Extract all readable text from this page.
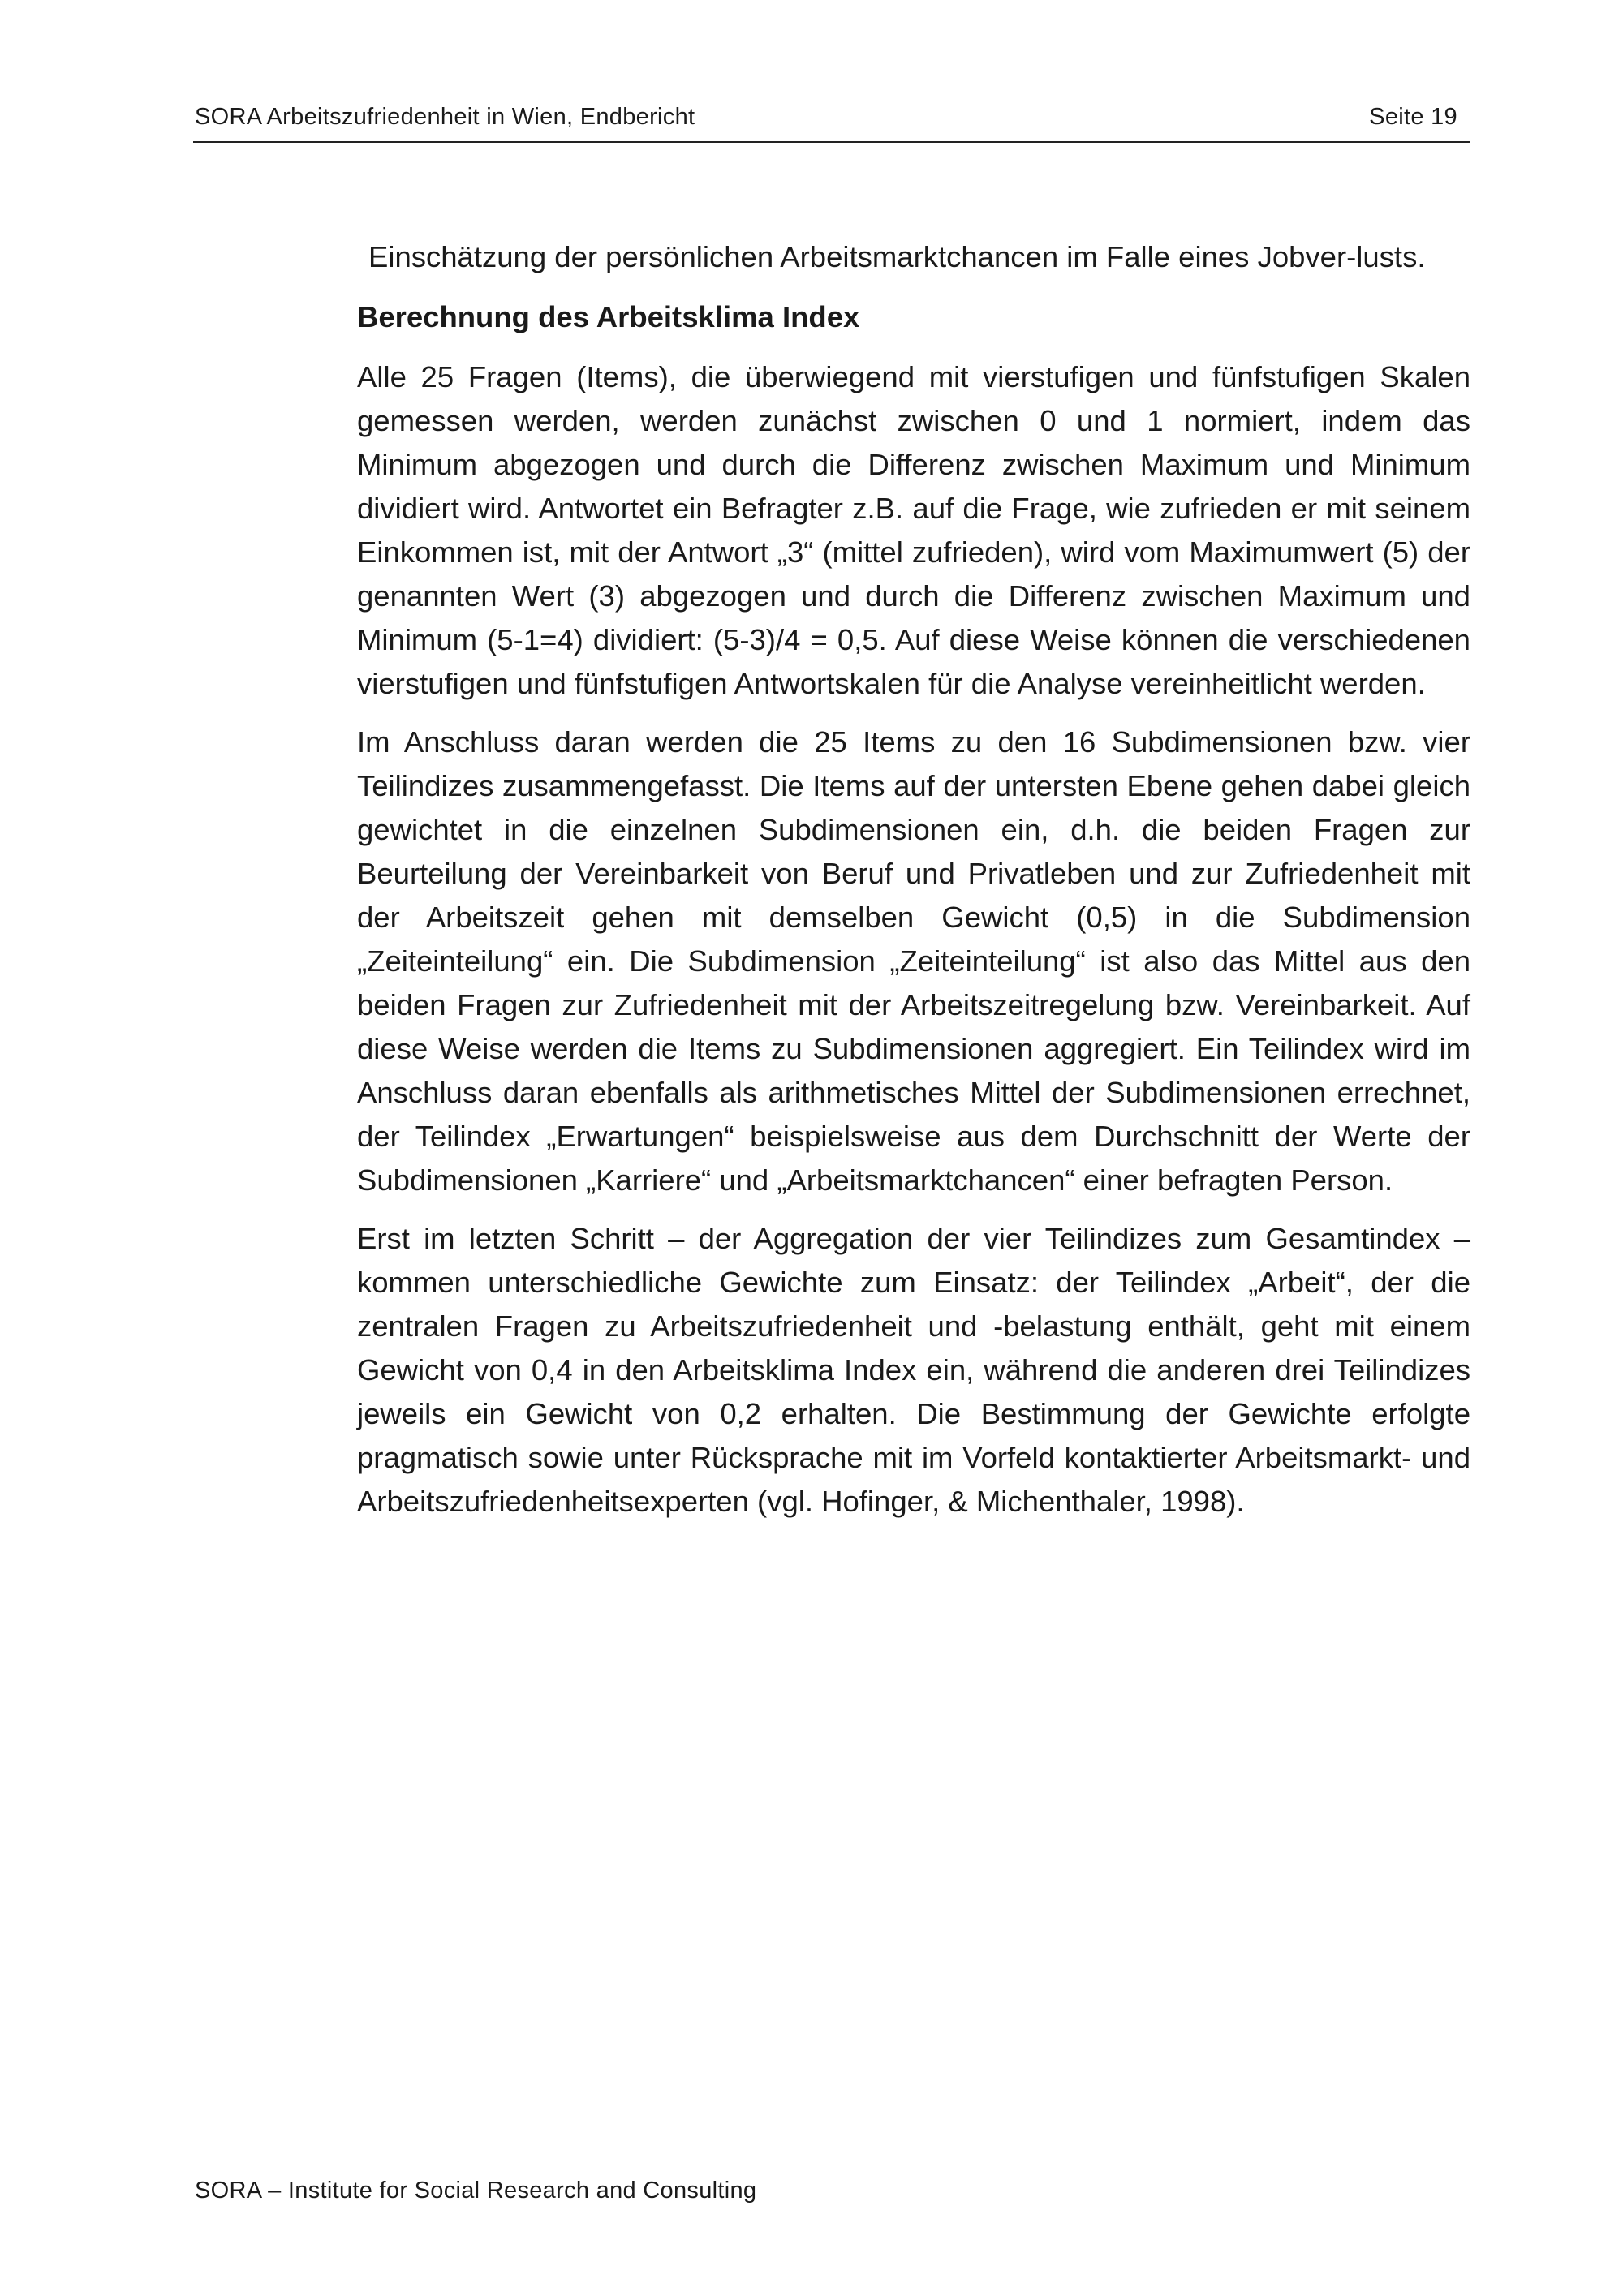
SORA Arbeitszufriedenheit in Wien, Endbericht	Seite 19

Einschätzung der persönlichen Arbeitsmarktchancen im Falle eines Jobver-lusts.

Berechnung des Arbeitsklima Index

Alle 25 Fragen (Items), die überwiegend mit vierstufigen und fünfstufigen Skalen gemessen werden, werden zunächst zwischen 0 und 1 normiert, indem das Minimum abgezogen und durch die Differenz zwischen Maximum und Minimum dividiert wird. Antwortet ein Befragter z.B. auf die Frage, wie zufrieden er mit seinem Einkommen ist, mit der Antwort „3“ (mittel zufrieden), wird vom Maximumwert (5) der genannten Wert (3) abgezogen und durch die Differenz zwischen Maximum und Minimum (5-1=4) dividiert: (5-3)/4 = 0,5. Auf diese Weise können die verschiedenen vierstufigen und fünfstufigen Antwortskalen für die Analyse vereinheitlicht werden.

Im Anschluss daran werden die 25 Items zu den 16 Subdimensionen bzw. vier Teilindizes zusammengefasst. Die Items auf der untersten Ebene gehen dabei gleich gewichtet in die einzelnen Subdimensionen ein, d.h. die beiden Fragen zur Beurteilung der Vereinbarkeit von Beruf und Privatleben und zur Zufriedenheit mit der Arbeitszeit gehen mit demselben Gewicht (0,5) in die Subdimension „Zeiteinteilung“ ein. Die Subdimension „Zeiteinteilung“ ist also das Mittel aus den beiden Fragen zur Zufriedenheit mit der Arbeitszeitregelung bzw. Vereinbarkeit. Auf diese Weise werden die Items zu Subdimensionen aggregiert. Ein Teilindex wird im Anschluss daran ebenfalls als arithmetisches Mittel der Subdimensionen errechnet, der Teilindex „Erwartungen“ beispielsweise aus dem Durchschnitt der Werte der Subdimensionen „Karriere“ und „Arbeitsmarktchancen“ einer befragten Person.

Erst im letzten Schritt – der Aggregation der vier Teilindizes zum Gesamtindex – kommen unterschiedliche Gewichte zum Einsatz: der Teilindex „Arbeit“, der die zentralen Fragen zu Arbeitszufriedenheit und -belastung enthält, geht mit einem Gewicht von 0,4 in den Arbeitsklima Index ein, während die anderen drei Teilindizes jeweils ein Gewicht von 0,2 erhalten. Die Bestimmung der Gewichte erfolgte pragmatisch sowie unter Rücksprache mit im Vorfeld kontaktierter Arbeitsmarkt- und Arbeitszufriedenheitsexperten (vgl. Hofinger, & Michenthaler, 1998).

SORA – Institute for Social Research and Consulting
